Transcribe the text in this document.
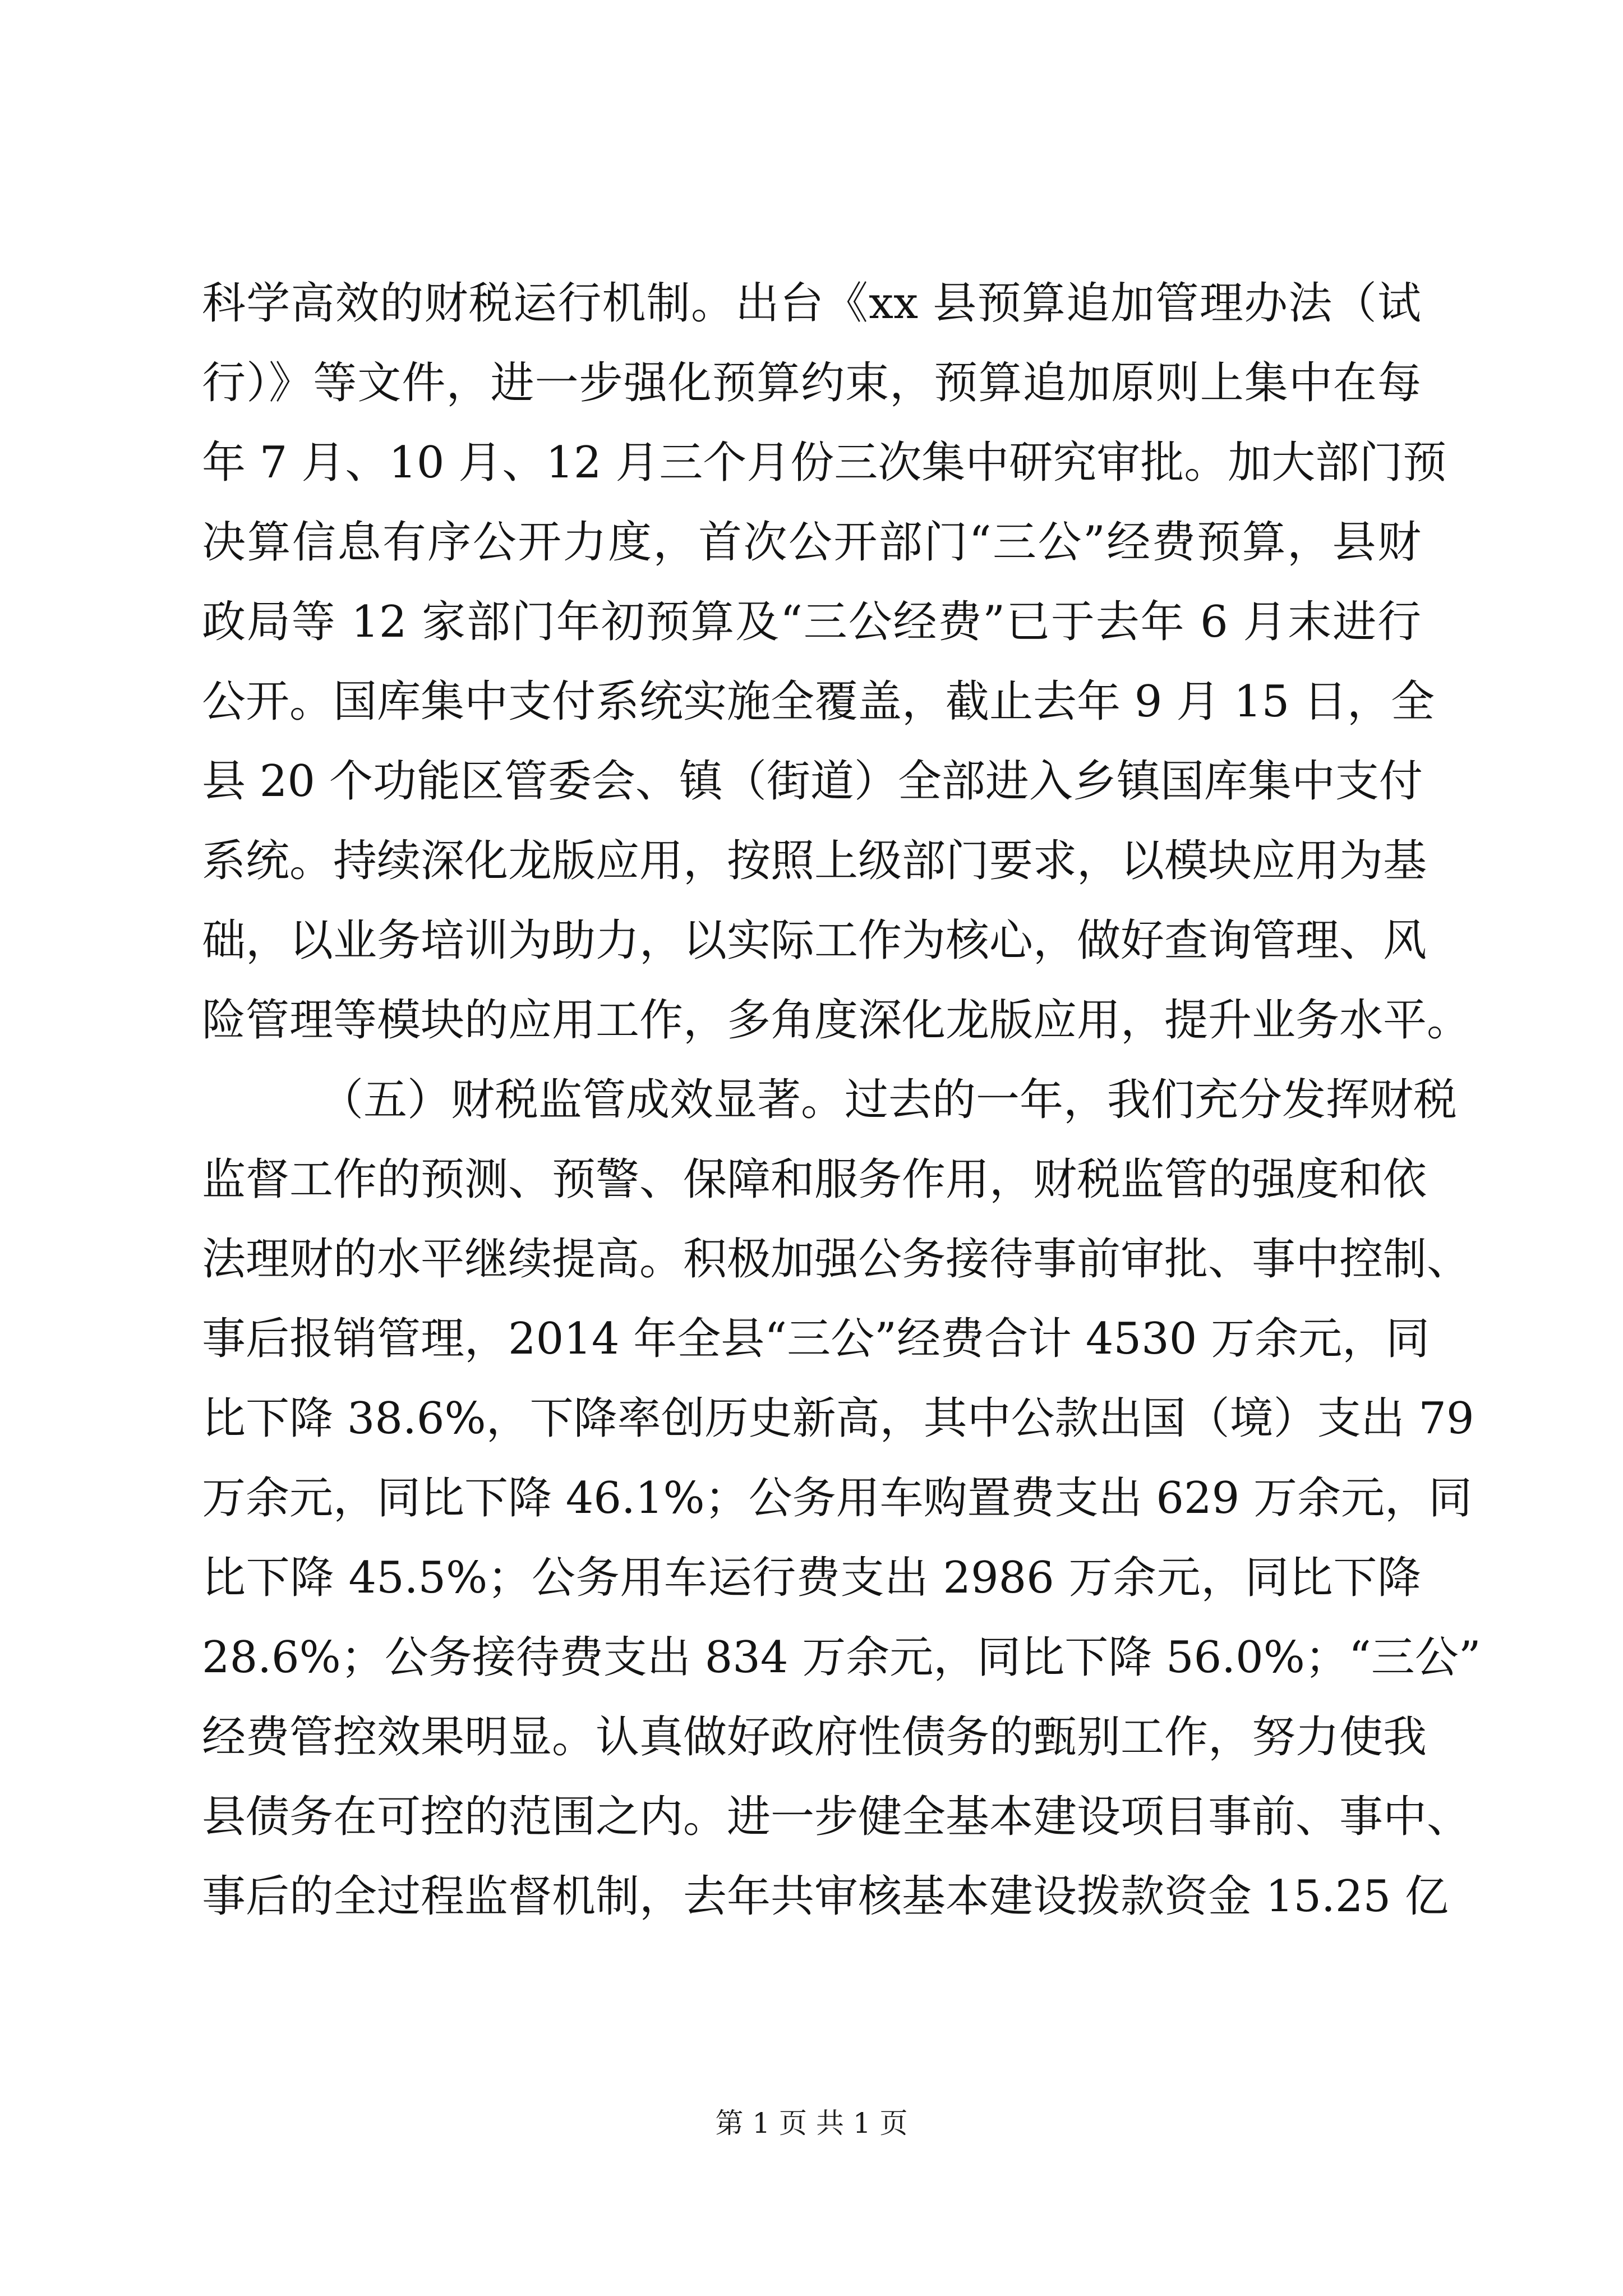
科学高效的财税运行机制。出台《xx 县预算追加管理办法（试
行）》等文件，进一步强化预算约束，预算追加原则上集中在每
年 7 月、10 月、12 月三个月份三次集中研究审批。加大部门预
决算信息有序公开力度，首次公开部门“三公”经费预算，县财
政局等 12 家部门年初预算及“三公经费”已于去年 6 月末进行
公开。国库集中支付系统实施全覆盖，截止去年 9 月 15 日，全
县 20 个功能区管委会、镇（街道）全部进入乡镇国库集中支付
系统。持续深化龙版应用，按照上级部门要求，以模块应用为基
础，以业务培训为助力，以实际工作为核心，做好查询管理、风
险管理等模块的应用工作，多角度深化龙版应用，提升业务水平。
（五）财税监管成效显著。过去的一年，我们充分发挥财税
监督工作的预测、预警、保障和服务作用，财税监管的强度和依
法理财的水平继续提高。积极加强公务接待事前审批、事中控制、
事后报销管理，2014 年全县“三公”经费合计 4530 万余元，同
比下降 38.6%，下降率创历史新高，其中公款出国（境）支出 79
万余元，同比下降 46.1%；公务用车购置费支出 629 万余元，同
比下降 45.5%；公务用车运行费支出 2986 万余元，同比下降
28.6%；公务接待费支出 834 万余元，同比下降 56.0%；“三公”
经费管控效果明显。认真做好政府性债务的甄别工作，努力使我
县债务在可控的范围之内。进一步健全基本建设项目事前、事中、
事后的全过程监督机制，去年共审核基本建设拨款资金 15.25 亿
第 1 页 共 1 页
